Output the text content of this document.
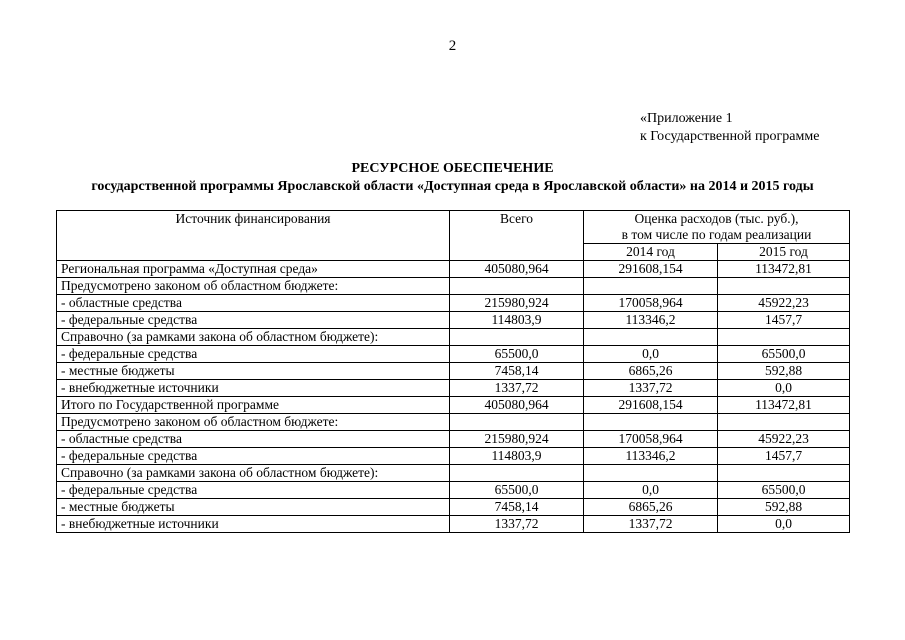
2
«Приложение 1
к Государственной программе
РЕСУРСНОЕ ОБЕСПЕЧЕНИЕ
государственной программы Ярославской области «Доступная среда в Ярославской области» на 2014 и 2015 годы
Источник финансирования	Всего	Оценка расходов (тыс. руб.),
в том числе по годам реализации	

		2014 год	2015 год
Региональная программа «Доступная среда»	405080,964	291608,154	113472,81
Предусмотрено законом об областном бюджете:			
- областные средства	215980,924	170058,964	45922,23
- федеральные средства	114803,9	113346,2	1457,7
Справочно (за рамками закона об областном бюджете):			
- федеральные средства	65500,0	0,0	65500,0
- местные бюджеты	7458,14	6865,26	592,88
- внебюджетные источники	1337,72	1337,72	0,0
Итого по Государственной программе	405080,964	291608,154	113472,81
Предусмотрено законом об областном бюджете:			
- областные средства	215980,924	170058,964	45922,23
- федеральные средства	114803,9	113346,2	1457,7
Справочно (за рамками закона об областном бюджете):			
- федеральные средства	65500,0	0,0	65500,0
- местные бюджеты	7458,14	6865,26	592,88
- внебюджетные источники	1337,72	1337,72	0,0
